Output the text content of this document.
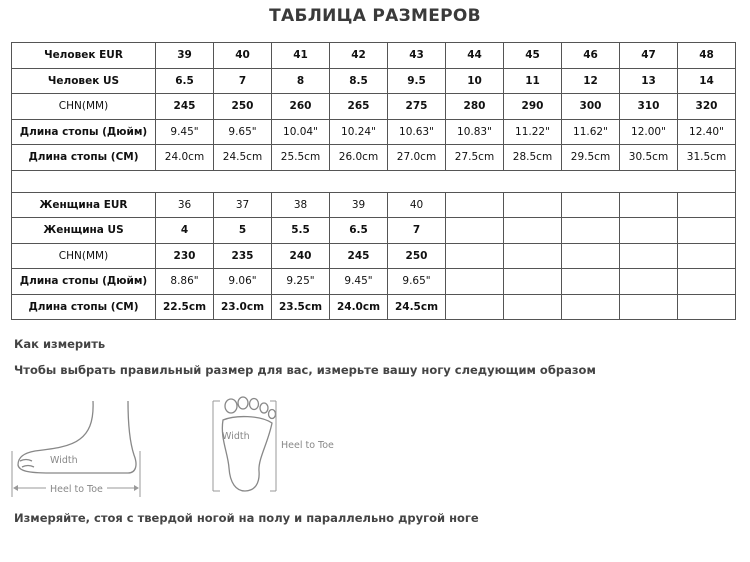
ТАБЛИЦА РАЗМЕРОВ
Человек EUR	39	40	41	42	43	44	45	46	47	48
Человек US	6.5	7	8	8.5	9.5	10	11	12	13	14
CHN(MM)	245	250	260	265	275	280	290	300	310	320
Длина стопы (Дюйм)	9.45"	9.65"	10.04"	10.24"	10.63"	10.83"	11.22"	11.62"	12.00"	12.40"
Длина стопы (CM)	24.0cm	24.5cm	25.5cm	26.0cm	27.0cm	27.5cm	28.5cm	29.5cm	30.5cm	31.5cm

Женщина EUR	36	37	38	39	40					
Женщина US	4	5	5.5	6.5	7					
CHN(MM)	230	235	240	245	250					
Длина стопы (Дюйм)	8.86"	9.06"	9.25"	9.45"	9.65"					
Длина стопы (CM)	22.5cm	23.0cm	23.5cm	24.0cm	24.5cm					
Как измерить
Чтобы выбрать правильный размер для вас, измерьте вашу ногу следующим образом
Width
Heel to Toe
Width
Heel to Toe
Измеряйте, стоя с твердой ногой на полу и параллельно другой ноге
